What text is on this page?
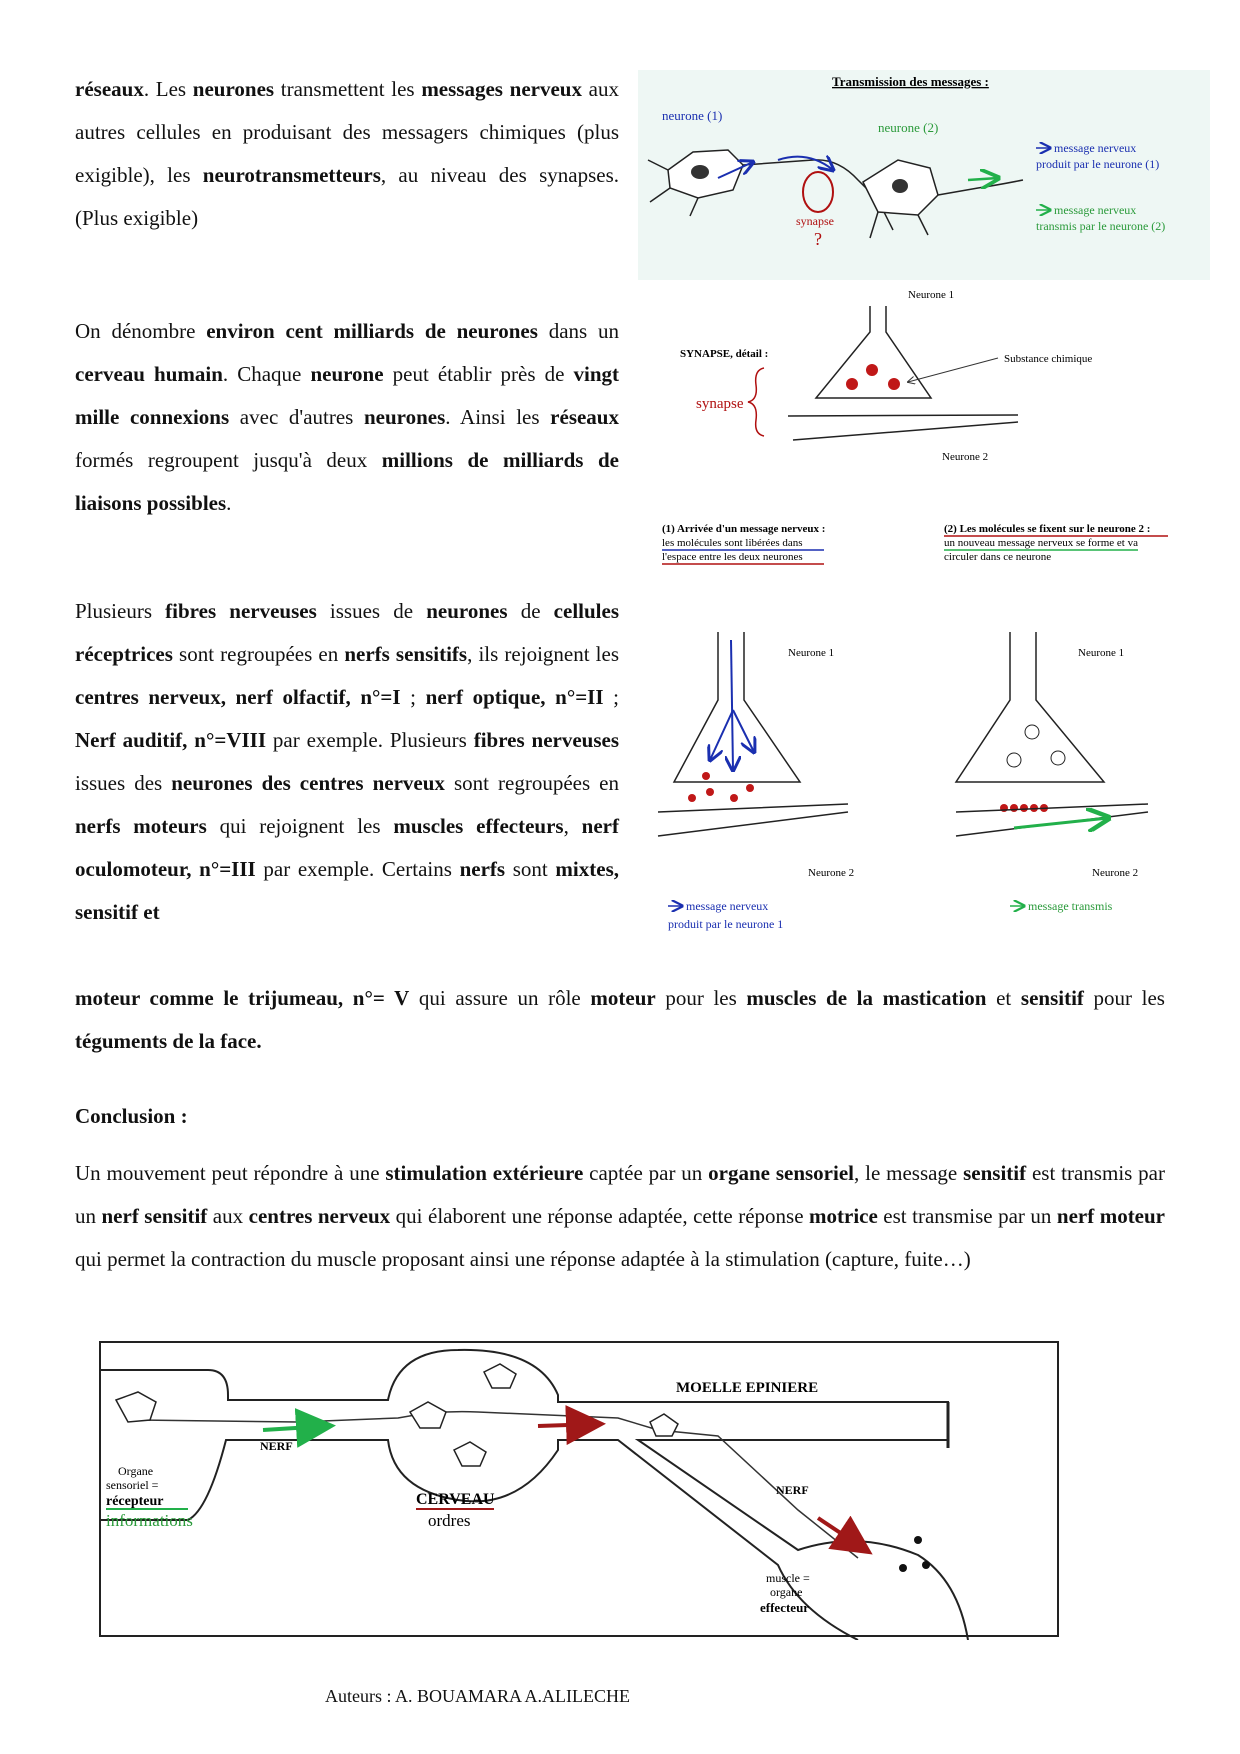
réseaux. Les neurones transmettent les messages nerveux aux autres cellules en produisant des messagers chimiques (plus exigible), les neurotransmetteurs, au niveau des synapses. (Plus exigible)

On dénombre environ cent milliards de neurones dans un cerveau humain. Chaque neurone peut établir près de vingt mille connexions avec d'autres neurones. Ainsi les réseaux formés regroupent jusqu'à deux millions de milliards de liaisons possibles.

Plusieurs fibres nerveuses issues de neurones de cellules réceptrices sont regroupées en nerfs sensitifs, ils rejoignent les centres nerveux, nerf olfactif, n°=I ; nerf optique, n°=II ; Nerf auditif, n°=VIII par exemple. Plusieurs fibres nerveuses issues des neurones des centres nerveux sont regroupées en nerfs moteurs qui rejoignent les muscles effecteurs, nerf oculomoteur, n°=III par exemple. Certains nerfs sont mixtes, sensitif et

moteur comme le trijumeau, n°= V qui assure un rôle moteur pour les muscles de la mastication et sensitif pour les téguments de la face.

Conclusion :

Un mouvement peut répondre à une stimulation extérieure captée par un organe sensoriel, le message sensitif est transmis par un nerf sensitif aux centres nerveux qui élaborent une réponse adaptée, cette réponse motrice est transmise par un nerf moteur qui permet la contraction du muscle proposant ainsi une réponse adaptée à la stimulation (capture, fuite…)

Transmission des messages :
neurone (1)
neurone (2)
synapse
?
message nerveux
produit par le neurone (1)
message nerveux
transmis par le neurone (2)
Neurone 1
SYNAPSE, détail :	Substance chimique
synapse
Neurone 2
(1) Arrivée d'un message nerveux :
les molécules sont libérées dans
l'espace entre les deux neurones
(2) Les molécules se fixent sur le neurone 2 :
un nouveau message nerveux se forme et va
circuler dans ce neurone
Neurone 1
Neurone 2
message nerveux
produit par le neurone 1
Neurone 1
Neurone 2
message transmis
MOELLE EPINIERE
NERF
NERF
Organe
sensoriel =
récepteur
informations
CERVEAU
ordres
muscle =
organe
effecteur
Auteurs : A. BOUAMARA A.ALILECHE
